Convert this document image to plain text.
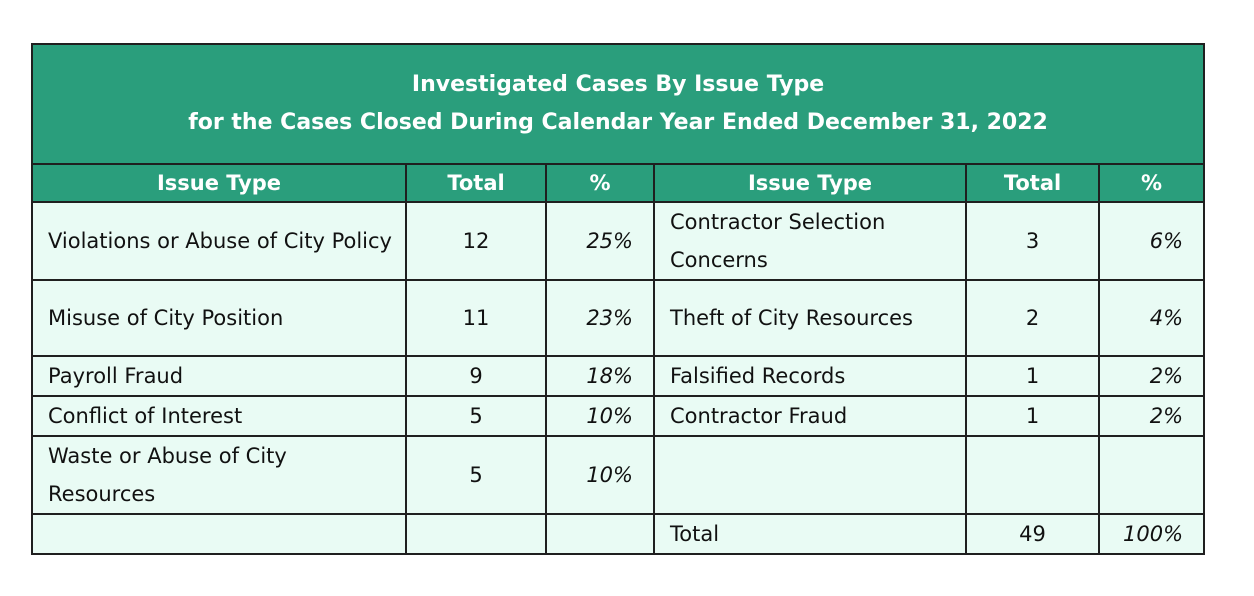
Investigated Cases By Issue Type
for the Cases Closed During Calendar Year Ended December 31, 2022					

Issue Type	Total	%	Issue Type	Total	%
Violations or Abuse of City Policy	12	25%	Contractor Selection Concerns	3	6%
Misuse of City Position	11	23%	Theft of City Resources	2	4%
Payroll Fraud	9	18%	Falsified Records	1	2%
Conflict of Interest	5	10%	Contractor Fraud	1	2%
Waste or Abuse of City Resources	5	10%			
			Total	49	100%
